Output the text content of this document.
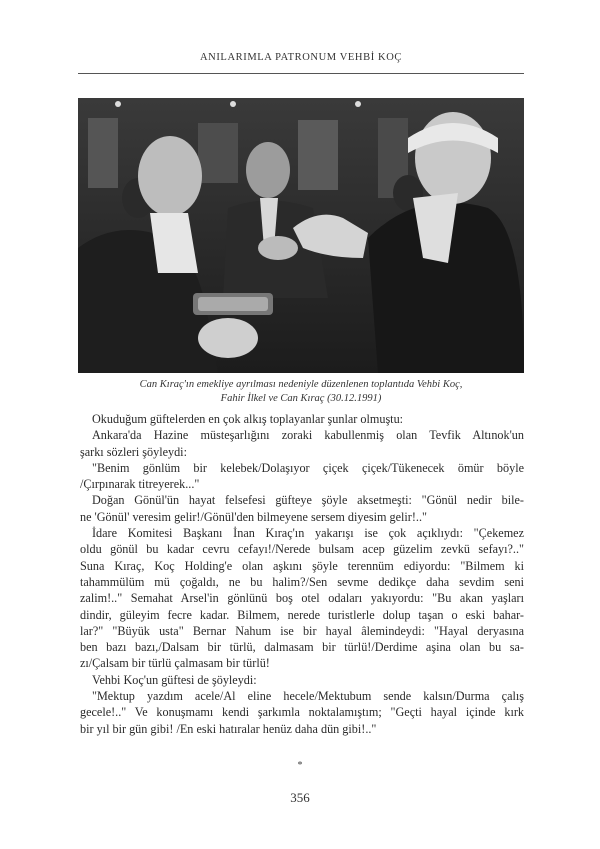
ANILARIMLA PATRONUM VEHBİ KOÇ
Can Kıraç'ın emekliye ayrılması nedeniyle düzenlenen toplantıda Vehbi Koç,
Fahir İlkel ve Can Kıraç (30.12.1991)
Okuduğum güftelerden en çok alkış toplayanlar şunlar olmuştu:
Ankara'da Hazine müsteşarlığını zoraki kabullenmiş olan Tevfik Altınok'un
şarkı sözleri şöyleydi:
"Benim gönlüm bir kelebek/Dolaşıyor çiçek çiçek/Tükenecek ömür böyle
/Çırpınarak titreyerek..."
Doğan Gönül'ün hayat felsefesi güfteye şöyle aksetmeşti: "Gönül nedir bile-
ne 'Gönül' veresim gelir!/Gönül'den bilmeyene sersem diyesim gelir!.."
İdare Komitesi Başkanı İnan Kıraç'ın yakarışı ise çok açıklıydı: "Çekemez
oldu gönül bu kadar cevru cefayı!/Nerede bulsam acep güzelim zevkü sefayı?.."
Suna Kıraç, Koç Holding'e olan aşkını şöyle terennüm ediyordu: "Bilmem ki
tahammülüm mü çoğaldı, ne bu halim?/Sen sevme dedikçe daha sevdim seni
zalim!.." Semahat Arsel'in gönlünü boş otel odaları yakıyordu: "Bu akan yaşları
dindir, güleyim fecre kadar. Bilmem, nerede turistlerle dolup taşan o eski bahar-
lar?" "Büyük usta" Bernar Nahum ise bir hayal âlemindeydi: "Hayal deryasına
ben bazı bazı,/Dalsam bir türlü, dalmasam bir türlü!/Derdime aşina olan bu sa-
zı/Çalsam bir türlü çalmasam bir türlü!
Vehbi Koç'un güftesi de şöyleydi:
"Mektup yazdım acele/Al eline hecele/Mektubum sende kalsın/Durma çalış
gecele!.." Ve konuşmamı kendi şarkımla noktalamıştım; "Geçti hayal içinde kırk
bir yıl bir gün gibi! /En eski hatıralar henüz daha dün gibi!.."
*
356
